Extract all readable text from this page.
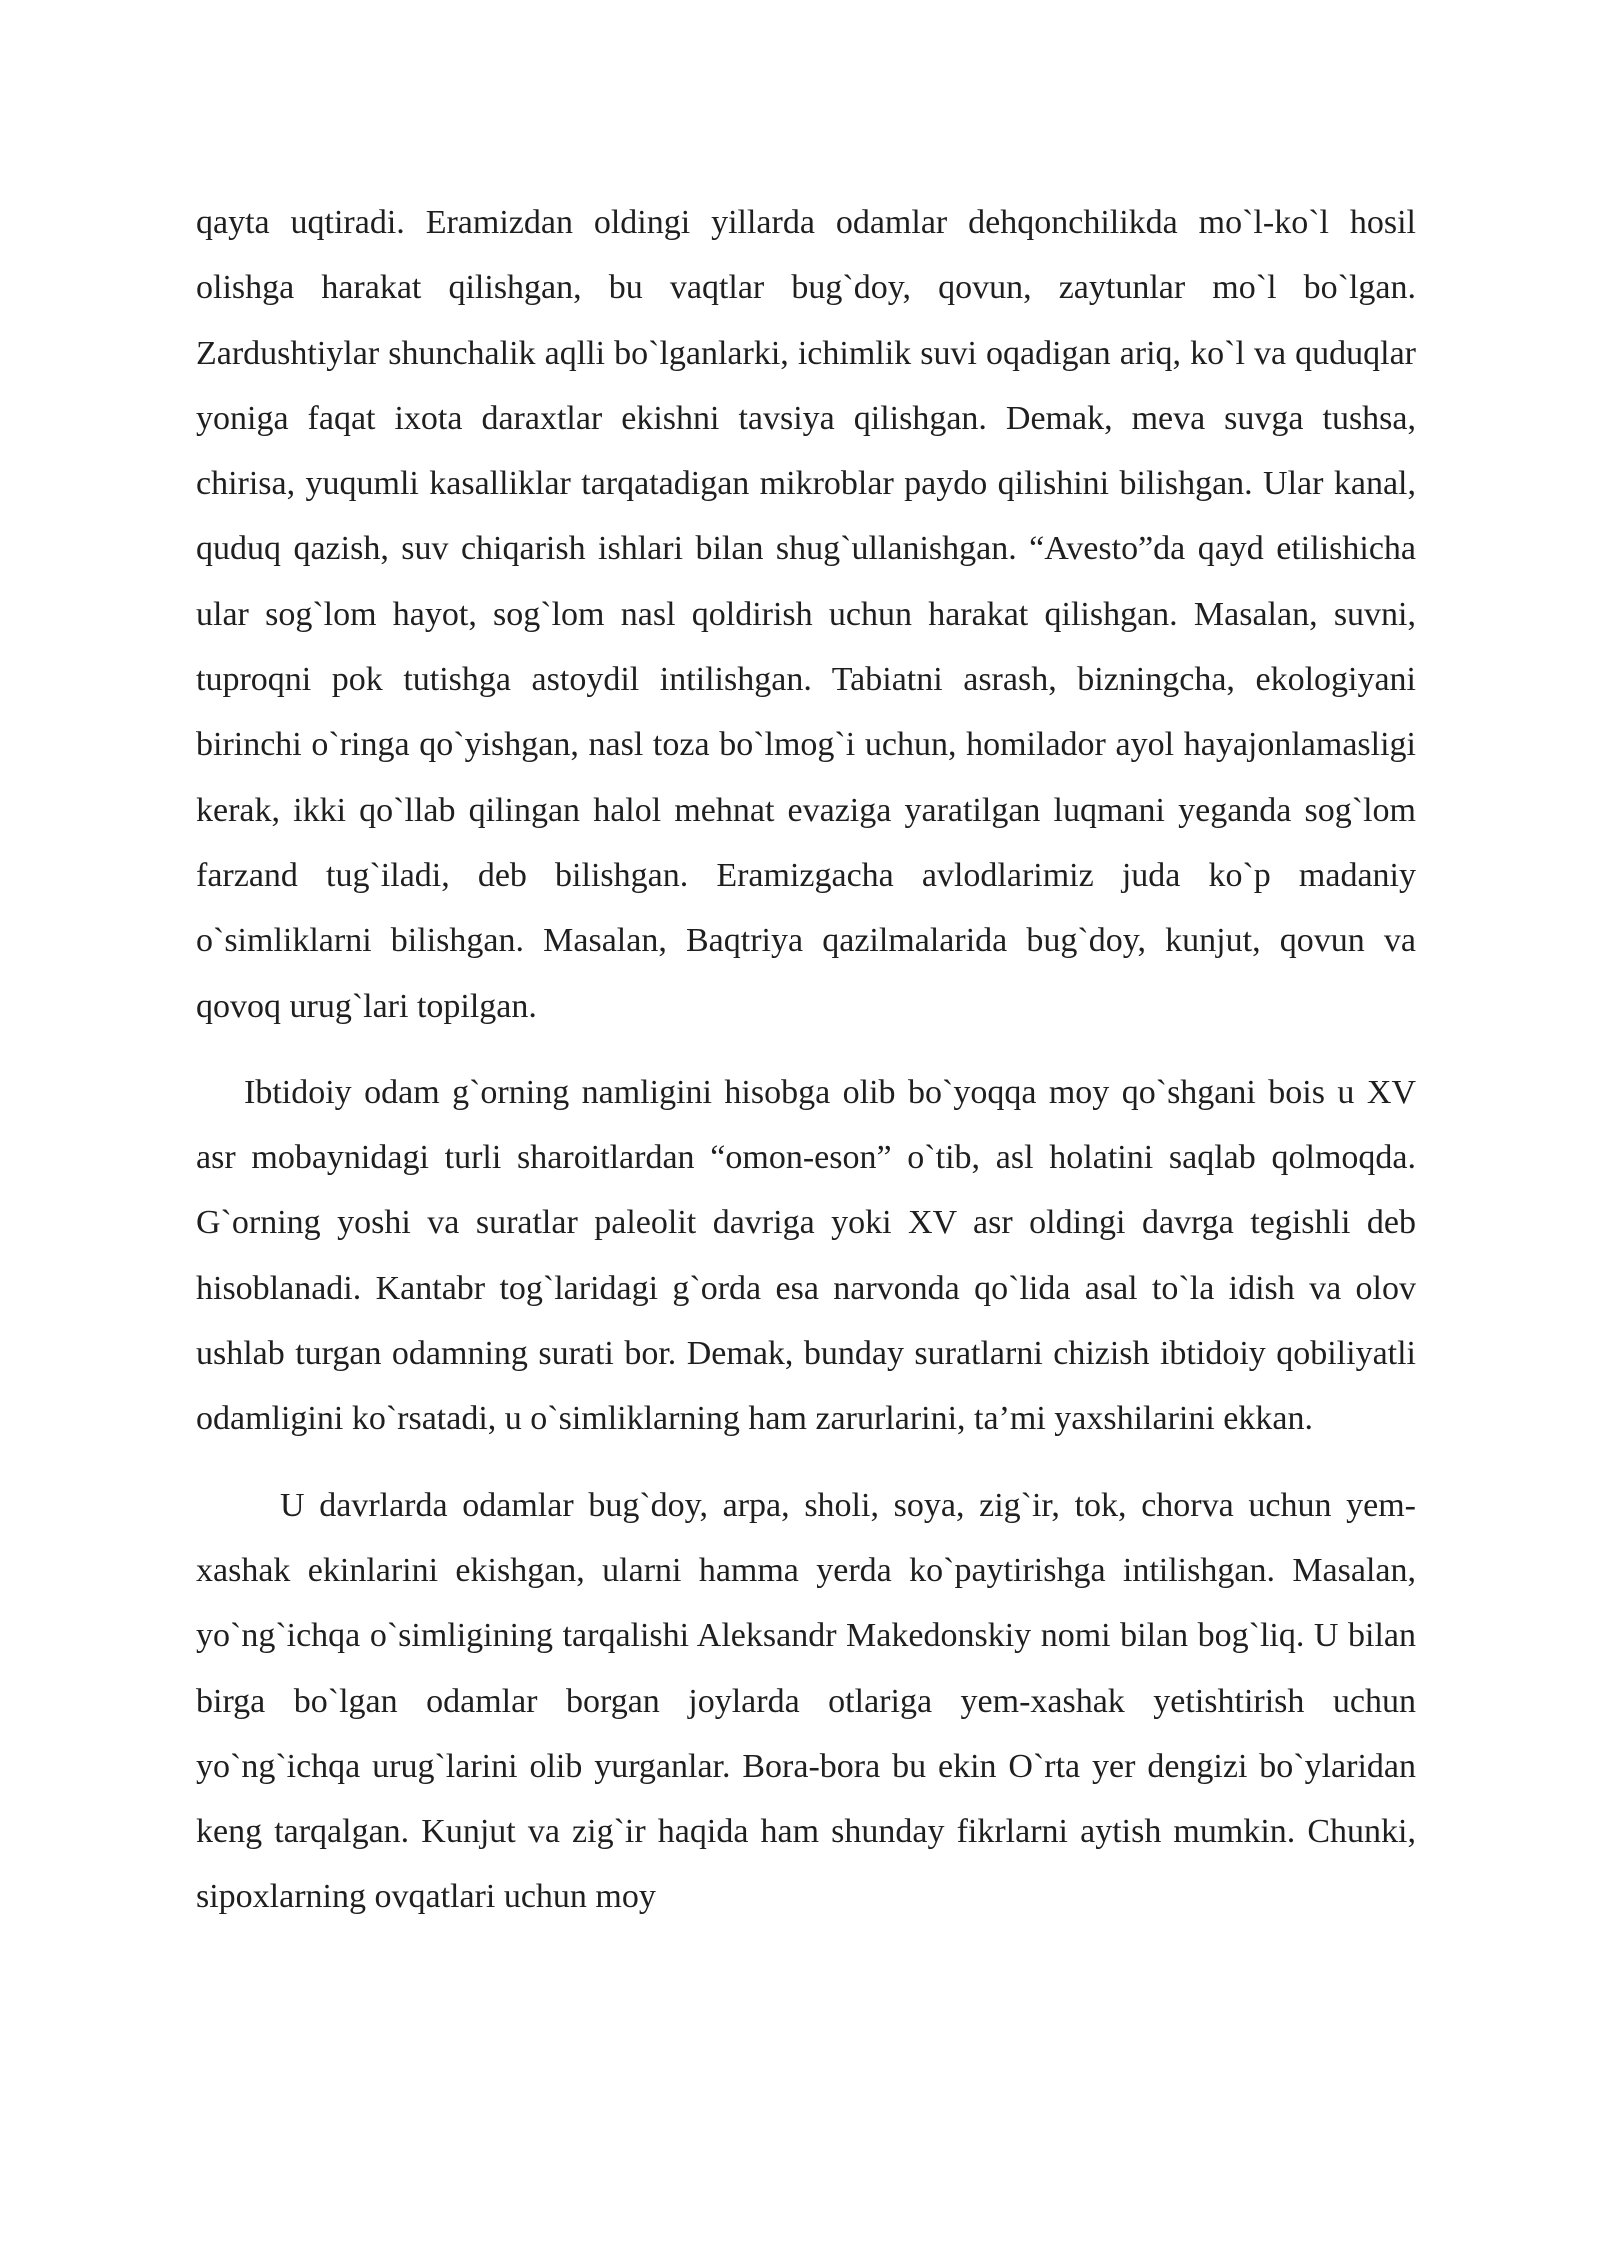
qayta uqtiradi. Eramizdan oldingi yillarda odamlar dehqonchilikda mo`l-ko`l hosil olishga harakat qilishgan, bu vaqtlar bug`doy, qovun, zaytunlar mo`l bo`lgan. Zardushtiylar shunchalik aqlli bo`lganlarki, ichimlik suvi oqadigan ariq, ko`l va quduqlar yoniga faqat ixota daraxtlar ekishni tavsiya qilishgan. Demak, meva suvga tushsa, chirisa, yuqumli kasalliklar tarqatadigan mikroblar paydo qilishini bilishgan. Ular kanal, quduq qazish, suv chiqarish ishlari bilan shug`ullanishgan. “Avesto”da qayd etilishicha ular sog`lom hayot, sog`lom nasl qoldirish uchun harakat qilishgan. Masalan, suvni, tuproqni pok tutishga astoydil intilishgan. Tabiatni asrash, bizningcha, ekologiyani birinchi o`ringa qo`yishgan, nasl toza bo`lmog`i uchun, homilador ayol hayajonlamasligi kerak, ikki qo`llab qilingan halol mehnat evaziga yaratilgan luqmani yeganda sog`lom farzand tug`iladi, deb bilishgan. Eramizgacha avlodlarimiz juda ko`p madaniy o`simliklarni bilishgan. Masalan, Baqtriya qazilmalarida bug`doy, kunjut, qovun va qovoq urug`lari topilgan.

Ibtidoiy odam g`orning namligini hisobga olib bo`yoqqa moy qo`shgani bois u XV asr mobaynidagi turli sharoitlardan “omon-eson” o`tib, asl holatini saqlab qolmoqda. G`orning yoshi va suratlar paleolit davriga yoki XV asr oldingi davrga tegishli deb hisoblanadi. Kantabr tog`laridagi g`orda esa narvonda qo`lida asal to`la idish va olov ushlab turgan odamning surati bor. Demak, bunday suratlarni chizish ibtidoiy qobiliyatli odamligini ko`rsatadi, u o`simliklarning ham zarurlarini, ta’mi yaxshilarini ekkan.

U davrlarda odamlar bug`doy, arpa, sholi, soya, zig`ir, tok, chorva uchun yem-xashak ekinlarini ekishgan, ularni hamma yerda ko`paytirishga intilishgan. Masalan, yo`ng`ichqa o`simligining tarqalishi Aleksandr Makedonskiy nomi bilan bog`liq. U bilan birga bo`lgan odamlar borgan joylarda otlariga yem-xashak yetishtirish uchun yo`ng`ichqa urug`larini olib yurganlar. Bora-bora bu ekin O`rta yer dengizi bo`ylaridan keng tarqalgan. Kunjut va zig`ir haqida ham shunday fikrlarni aytish mumkin. Chunki, sipoxlarning ovqatlari uchun moy
